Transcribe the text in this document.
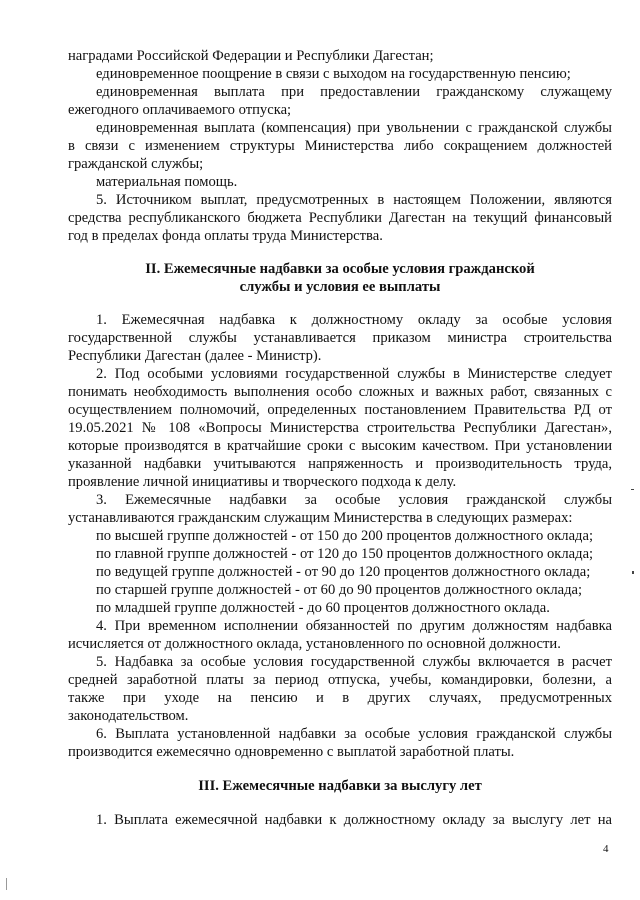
наградами Российской Федерации и Республики Дагестан;
единовременное поощрение в связи с выходом на государственную пенсию;
единовременная выплата при предоставлении гражданскому служащему
ежегодного оплачиваемого отпуска;
единовременная выплата (компенсация) при увольнении с гражданской службы
в связи с изменением структуры Министерства либо сокращением должностей
гражданской службы;
материальная помощь.
5. Источником выплат, предусмотренных в настоящем Положении, являются
средства республиканского бюджета Республики Дагестан на текущий финансовый
год в пределах фонда оплаты труда Министерства.
II. Ежемесячные надбавки за особые условия гражданской
службы и условия ее выплаты
1. Ежемесячная надбавка к должностному окладу за особые условия
государственной службы устанавливается приказом министра строительства
Республики Дагестан (далее - Министр).
2. Под особыми условиями государственной службы в Министерстве следует
понимать необходимость выполнения особо сложных и важных работ, связанных с
осуществлением полномочий, определенных постановлением Правительства РД от
19.05.2021 № 108 «Вопросы Министерства строительства Республики Дагестан»,
которые производятся в кратчайшие сроки с высоким качеством. При установлении
указанной надбавки учитываются напряженность и производительность труда,
проявление личной инициативы и творческого подхода к делу.
3. Ежемесячные надбавки за особые условия гражданской службы
устанавливаются гражданским служащим Министерства в следующих размерах:
по высшей группе должностей - от 150 до 200 процентов должностного оклада;
по главной группе должностей - от 120 до 150 процентов должностного оклада;
по ведущей группе должностей - от 90 до 120 процентов должностного оклада;
по старшей группе должностей - от 60 до 90 процентов должностного оклада;
по младшей группе должностей - до 60 процентов должностного оклада.
4. При временном исполнении обязанностей по другим должностям надбавка
исчисляется от должностного оклада, установленного по основной должности.
5. Надбавка за особые условия государственной службы включается в расчет
средней заработной платы за период отпуска, учебы, командировки, болезни, а
также при уходе на пенсию и в других случаях, предусмотренных
законодательством.
6. Выплата установленной надбавки за особые условия гражданской службы
производится ежемесячно одновременно с выплатой заработной платы.
III. Ежемесячные надбавки за выслугу лет
1. Выплата ежемесячной надбавки к должностному окладу за выслугу лет на
4
